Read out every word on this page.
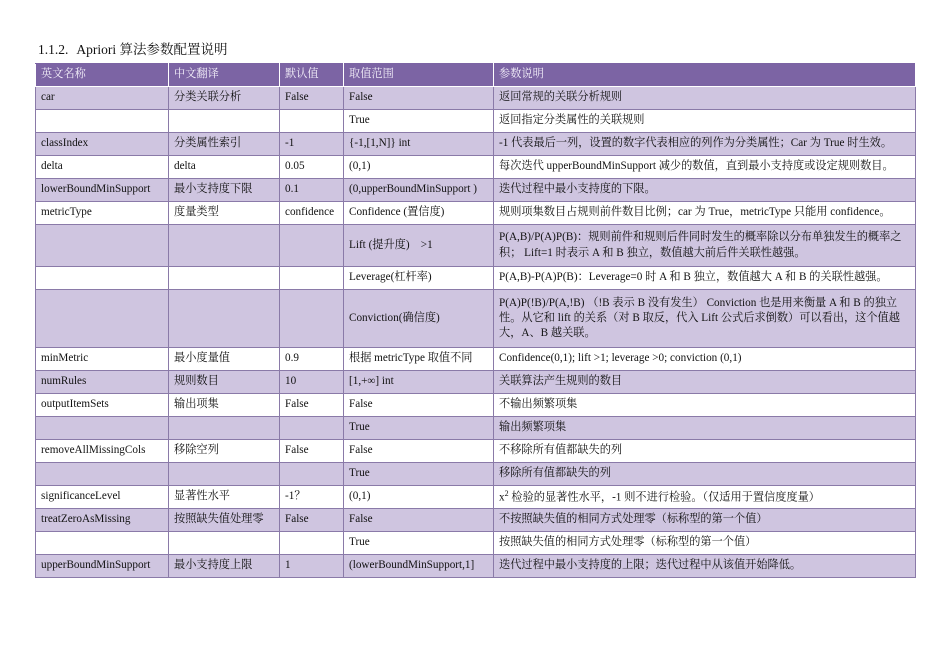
1.1.2. Apriori 算法参数配置说明
英文名称	中文翻译	默认值	取值范围	参数说明
car	分类关联分析	False	False	返回常规的关联分析规则
			True	返回指定分类属性的关联规则
classIndex	分类属性索引	-1	{-1,[1,N]} int	-1 代表最后一列，设置的数字代表相应的列作为分类属性；Car 为 True 时生效。
delta	delta	0.05	(0,1)	每次迭代 upperBoundMinSupport 减少的数值，直到最小支持度或设定规则数目。
lowerBoundMinSupport	最小支持度下限	0.1	(0,upperBoundMinSupport )	迭代过程中最小支持度的下限。
metricType	度量类型	confidence	Confidence (置信度)	规则项集数目占规则前件数目比例；car 为 True，metricType 只能用 confidence。
			Lift (提升度)　>1	P(A,B)/P(A)P(B)：规则前件和规则后件同时发生的概率除以分布单独发生的概率之积； Lift=1 时表示 A 和 B 独立，数值越大前后件关联性越强。
			Leverage(杠杆率)	P(A,B)-P(A)P(B)：Leverage=0 时 A 和 B 独立，数值越大 A 和 B 的关联性越强。
			Conviction(确信度)	P(A)P(!B)/P(A,!B) （!B 表示 B 没有发生） Conviction 也是用来衡量 A 和 B 的独立性。从它和 lift 的关系（对 B 取反，代入 Lift 公式后求倒数）可以看出，这个值越大，A、B 越关联。
minMetric	最小度量值	0.9	根据 metricType 取值不同	Confidence(0,1); lift >1; leverage >0; conviction (0,1)
numRules	规则数目	10	[1,+∞] int	关联算法产生规则的数目
outputItemSets	输出项集	False	False	不输出频繁项集
			True	输出频繁项集
removeAllMissingCols	移除空列	False	False	不移除所有值都缺失的列
			True	移除所有值都缺失的列
significanceLevel	显著性水平	-1？	(0,1)	$x^2$ 检验的显著性水平，-1 则不进行检验。（仅适用于置信度度量）
treatZeroAsMissing	按照缺失值处理零	False	False	不按照缺失值的相同方式处理零（标称型的第一个值）
			True	按照缺失值的相同方式处理零（标称型的第一个值）
upperBoundMinSupport	最小支持度上限	1	(lowerBoundMinSupport,1]	迭代过程中最小支持度的上限；迭代过程中从该值开始降低。
